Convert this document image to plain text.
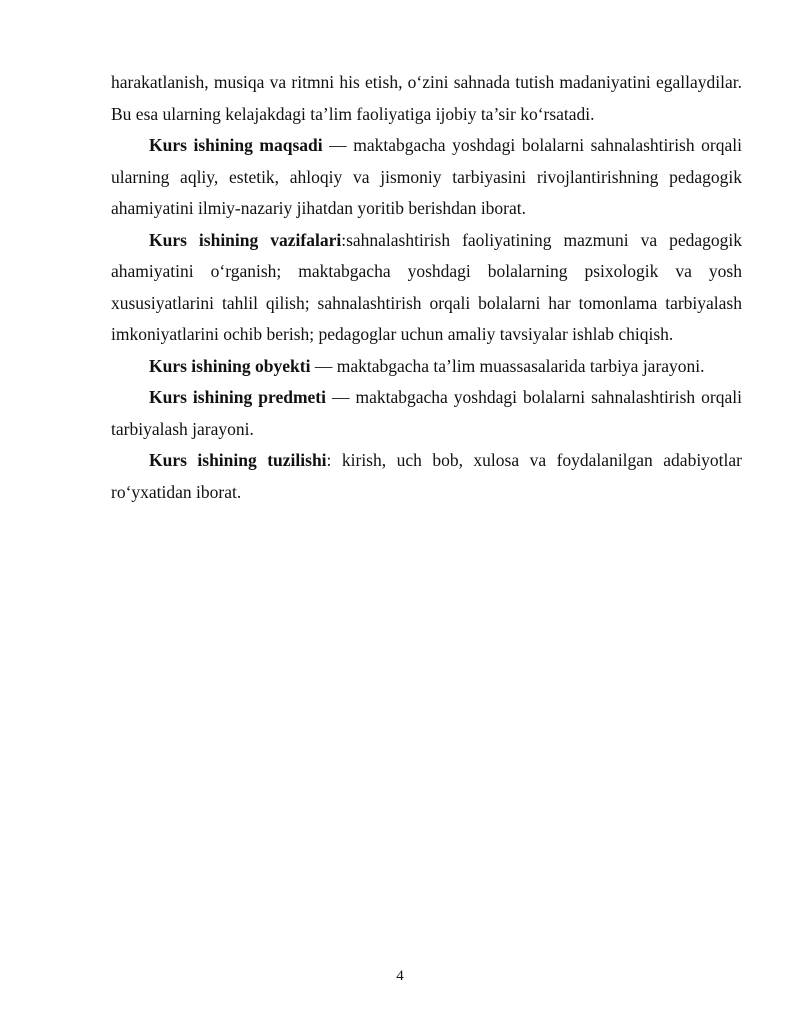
harakatlanish, musiqa va ritmni his etish, o‘zini sahnada tutish madaniyatini egallaydilar. Bu esa ularning kelajakdagi ta’lim faoliyatiga ijobiy ta’sir ko‘rsatadi.

Kurs ishining maqsadi — maktabgacha yoshdagi bolalarni sahnalashtirish orqali ularning aqliy, estetik, ahloqiy va jismoniy tarbiyasini rivojlantirishning pedagogik ahamiyatini ilmiy-nazariy jihatdan yoritib berishdan iborat.

Kurs ishining vazifalari:sahnalashtirish faoliyatining mazmuni va pedagogik ahamiyatini o‘rganish; maktabgacha yoshdagi bolalarning psixologik va yosh xususiyatlarini tahlil qilish; sahnalashtirish orqali bolalarni har tomonlama tarbiyalash imkoniyatlarini ochib berish; pedagoglar uchun amaliy tavsiyalar ishlab chiqish.

Kurs ishining obyekti — maktabgacha ta’lim muassasalarida tarbiya jarayoni.

Kurs ishining predmeti — maktabgacha yoshdagi bolalarni sahnalashtirish orqali tarbiyalash jarayoni.

Kurs ishining tuzilishi: kirish, uch bob, xulosa va foydalanilgan adabiyotlar ro‘yxatidan iborat.

4
